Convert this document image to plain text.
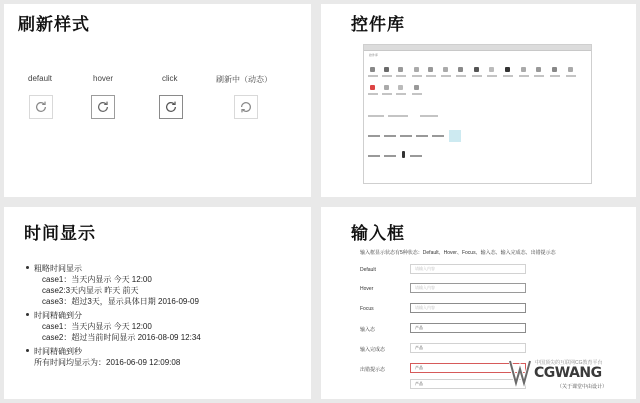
刷新样式
default	hover	click	刷新中（动态）
控件库
控件库
时间显示
粗略时间显示
case1：当天内显示 今天 12:00
case2:3天内显示 昨天 前天
case3：超过3天，显示具体日期 2016-09-09
时间精确到分
case1：当天内显示 今天 12:00
case2：超过当前时间显示 2016-08-09 12:34
时间精确到秒
所有时间均显示为：2016-06-09 12:09:08
输入框
输入框显示状态有5种状态：Default、Hover、Focus、输入态、输入完成态、出错提示态
Default	请输入内容
Hover	请输入内容
Focus	请输入内容
输入态	产品
输入完成态	产品
出错提示态	产品
产品
中国顶尖的互联网CG教育平台
CGWANG
（关于课堂中由设计）
